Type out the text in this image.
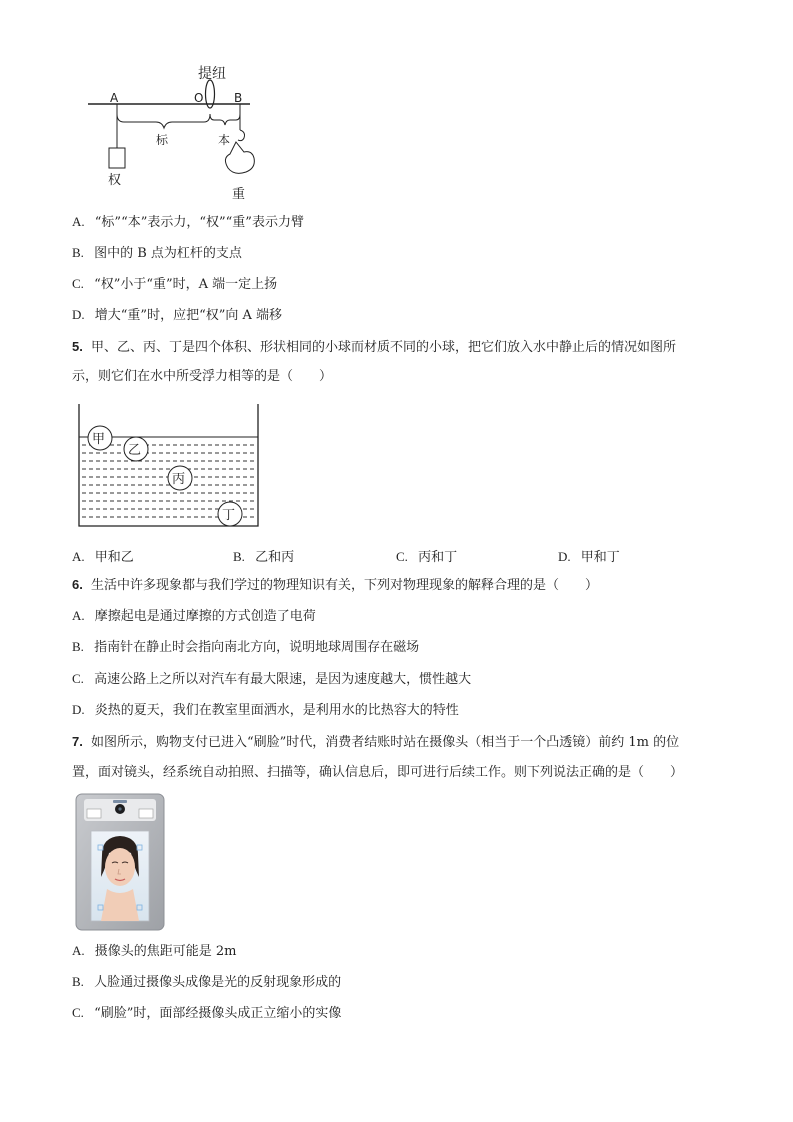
提纽
A	O	B
权
标	本
重
A. “标”“本”表示力，“权”“重”表示力臂
B. 图中的 B 点为杠杆的支点
C. “权”小于“重”时，A 端一定上扬
D. 增大“重”时，应把“权”向 A 端移
5. 甲、乙、丙、丁是四个体积、形状相同的小球而材质不同的小球，把它们放入水中静止后的情况如图所
示，则它们在水中所受浮力相等的是（　　）
甲
乙
丙
丁
A. 甲和乙	B. 乙和丙	C. 丙和丁	D. 甲和丁
6. 生活中许多现象都与我们学过的物理知识有关，下列对物理现象的解释合理的是（　　）
A. 摩擦起电是通过摩擦的方式创造了电荷
B. 指南针在静止时会指向南北方向，说明地球周围存在磁场
C. 高速公路上之所以对汽车有最大限速，是因为速度越大，惯性越大
D. 炎热的夏天，我们在教室里面洒水，是利用水的比热容大的特性
7. 如图所示，购物支付已进入“刷脸”时代，消费者结账时站在摄像头（相当于一个凸透镜）前约 1m 的位
置，面对镜头，经系统自动拍照、扫描等，确认信息后，即可进行后续工作。则下列说法正确的是（　　）
A. 摄像头的焦距可能是 2m
B. 人脸通过摄像头成像是光的反射现象形成的
C. “刷脸”时，面部经摄像头成正立缩小的实像
